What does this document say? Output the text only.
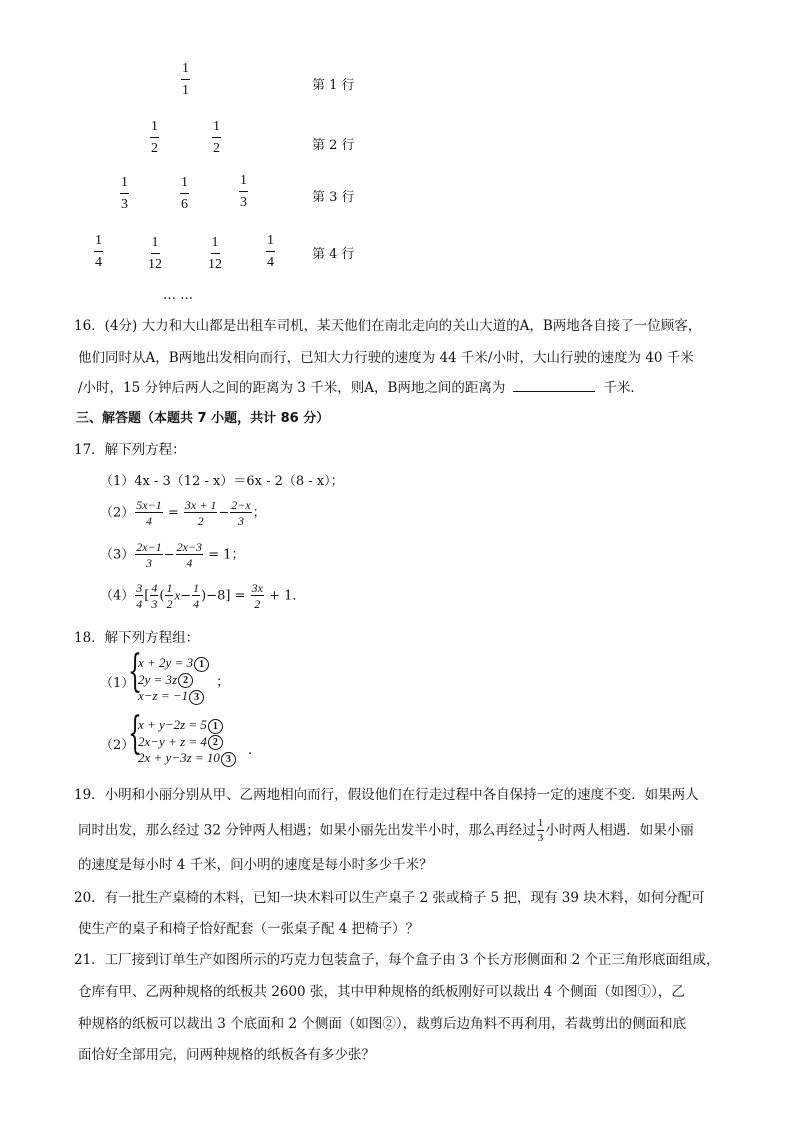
$\frac{1}{1}$	第 1 行
$\frac{1}{2}$	$\frac{1}{2}$	第 2 行
$\frac{1}{3}$	$\frac{1}{6}$	$\frac{1}{3}$	第 3 行
$\frac{1}{4}$	$\frac{1}{12}$	$\frac{1}{12}$	$\frac{1}{4}$	第 4 行
… …
16．(4分) 大力和大山都是出租车司机，某天他们在南北走向的关山大道的A，B两地各自接了一位顾客，
他们同时从A，B两地出发相向而行，已知大力行驶的速度为 44 千米/小时，大山行驶的速度为 40 千米
/小时，15 分钟后两人之间的距离为 3 千米，则A，B两地之间的距离为	千米．
三、解答题（本题共 7 小题，共计 86 分）
17．解下列方程：
（1）4x - 3（12 - x）＝6x - 2（8 - x）；
$(2) \frac{5x-1}{4} = \frac{3x + 1}{2} - \frac{2-x}{3}$ ；
$(3) \frac{2x-1}{3} - \frac{2x-3}{4} = 1$；
$(4) \frac{3}{4}$ [ $\frac{4}{3}$ ( $\frac{1}{2} x- \frac{1}{4} )-8] = \frac{3x}{2} + 1$．
18．解下列方程组：
（1）
{
x + 2y = 3 1
2y = 3z 2
x−z = −1 3
；
（2）
{
x + y−2z = 5 1
2x−y + z = 4 2
2x + y−3z = 10 3
．
19．小明和小丽分别从甲、乙两地相向而行，假设他们在行走过程中各自保持一定的速度不变．如果两人
同时出发，那么经过 32 分钟两人相遇；如果小丽先出发半小时，那么再经过 $\frac{1}{3}$ 小时两人相遇．如果小丽
的速度是每小时 4 千米，问小明的速度是每小时多少千米？
20．有一批生产桌椅的木料，已知一块木料可以生产桌子 2 张或椅子 5 把，现有 39 块木料，如何分配可
使生产的桌子和椅子恰好配套（一张桌子配 4 把椅子）？
21．工厂接到订单生产如图所示的巧克力包装盒子，每个盒子由 3 个长方形侧面和 2 个正三角形底面组成，
仓库有甲、乙两种规格的纸板共 2600 张，其中甲种规格的纸板刚好可以裁出 4 个侧面（如图①），乙
种规格的纸板可以裁出 3 个底面和 2 个侧面（如图②），裁剪后边角料不再利用，若裁剪出的侧面和底
面恰好全部用完，问两种规格的纸板各有多少张？
